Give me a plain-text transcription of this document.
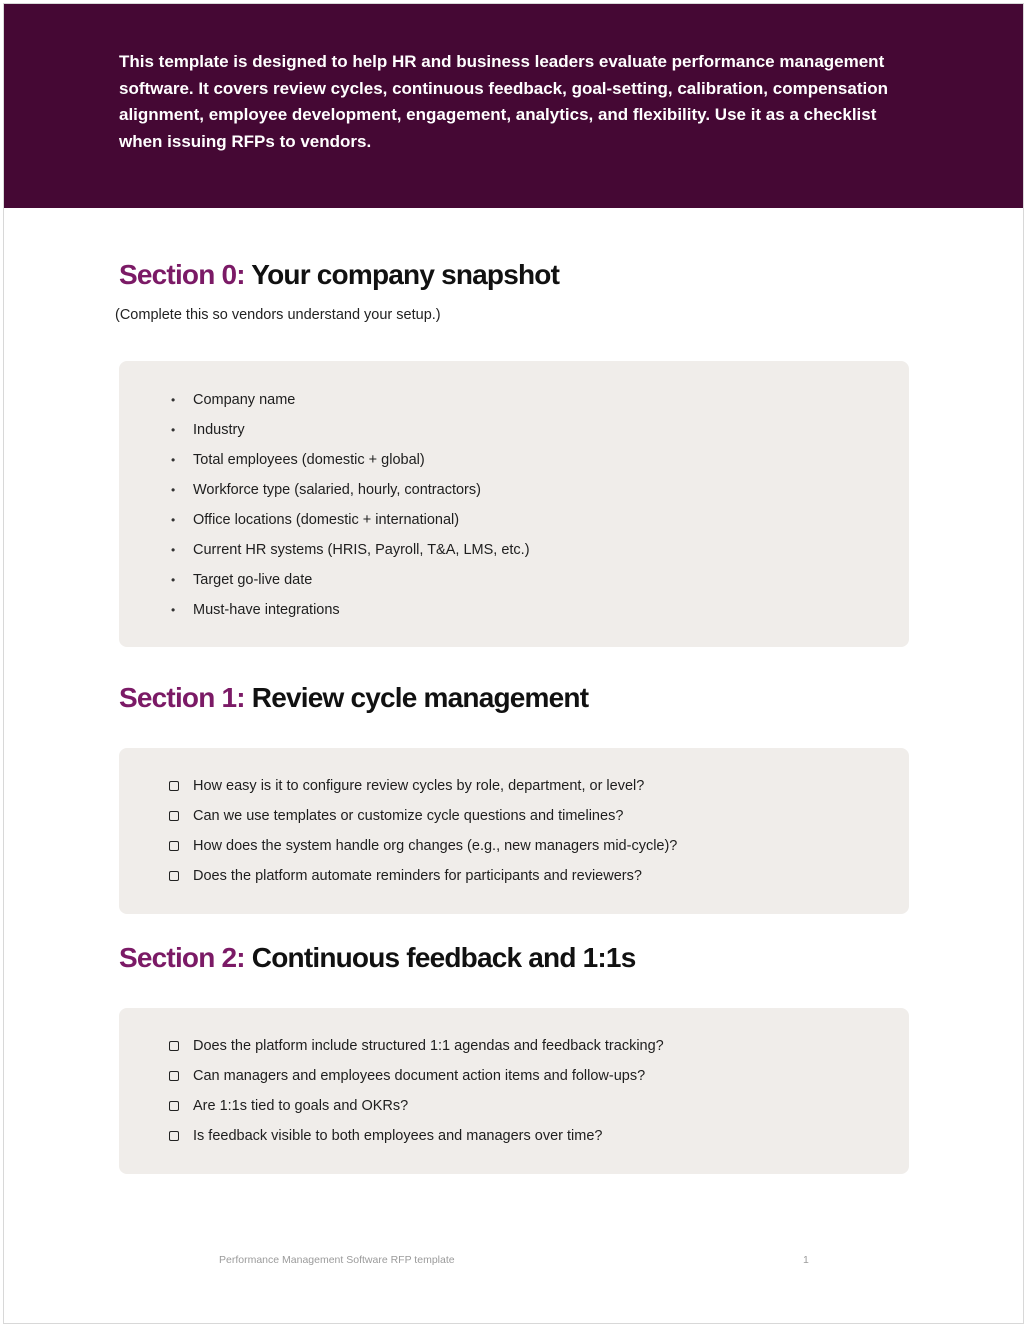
This template is designed to help HR and business leaders evaluate performance management software. It covers review cycles, continuous feedback, goal-setting, calibration, compensation alignment, employee development, engagement, analytics, and flexibility. Use it as a checklist when issuing RFPs to vendors.

Section 0: Your company snapshot

(Complete this so vendors understand your setup.)

• Company name
• Industry
• Total employees (domestic + global)
• Workforce type (salaried, hourly, contractors)
• Office locations (domestic + international)
• Current HR systems (HRIS, Payroll, T&A, LMS, etc.)
• Target go-live date
• Must-have integrations
Section 1: Review cycle management
How easy is it to configure review cycles by role, department, or level?
Can we use templates or customize cycle questions and timelines?
How does the system handle org changes (e.g., new managers mid-cycle)?
Does the platform automate reminders for participants and reviewers?
Section 2: Continuous feedback and 1:1s
Does the platform include structured 1:1 agendas and feedback tracking?
Can managers and employees document action items and follow-ups?
Are 1:1s tied to goals and OKRs?
Is feedback visible to both employees and managers over time?

Performance Management Software RFP template	1
